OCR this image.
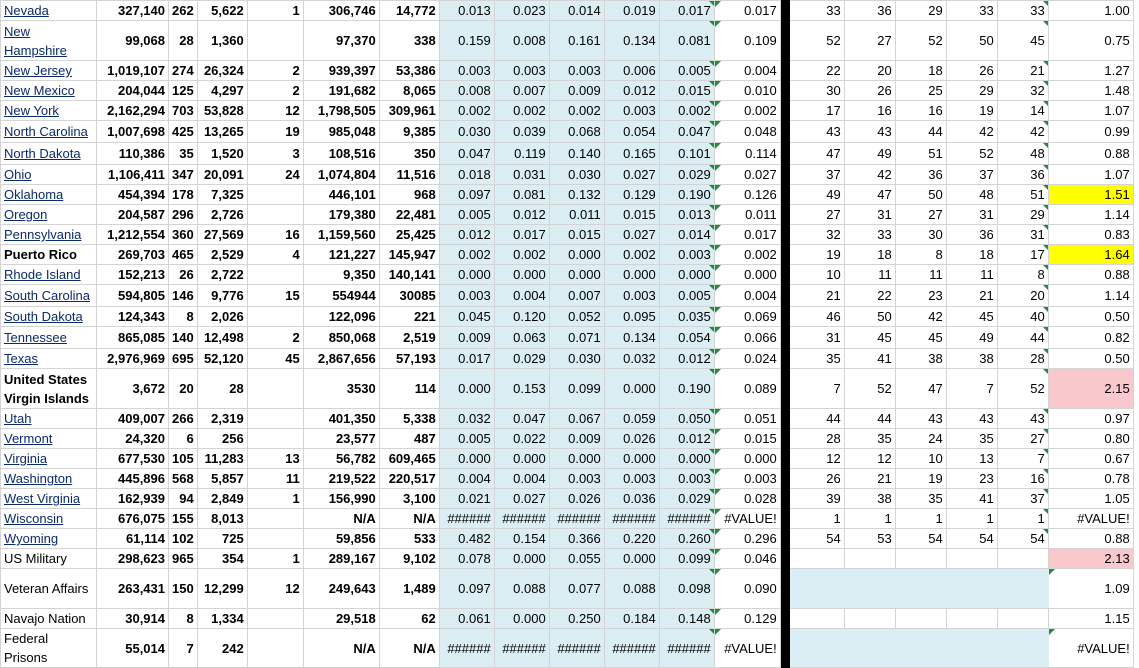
Nevada	327,140	262	5,622	1	306,746	14,772	0.013	0.023	0.014	0.019	0.017	0.017		33	36	29	33	33	1.00
New Hampshire	99,068	28	1,360		97,370	338	0.159	0.008	0.161	0.134	0.081	0.109		52	27	52	50	45	0.75
New Jersey	1,019,107	274	26,324	2	939,397	53,386	0.003	0.003	0.003	0.006	0.005	0.004		22	20	18	26	21	1.27
New Mexico	204,044	125	4,297	2	191,682	8,065	0.008	0.007	0.009	0.012	0.015	0.010		30	26	25	29	32	1.48
New York	2,162,294	703	53,828	12	1,798,505	309,961	0.002	0.002	0.002	0.003	0.002	0.002		17	16	16	19	14	1.07
North Carolina	1,007,698	425	13,265	19	985,048	9,385	0.030	0.039	0.068	0.054	0.047	0.048		43	43	44	42	42	0.99
North Dakota	110,386	35	1,520	3	108,516	350	0.047	0.119	0.140	0.165	0.101	0.114		47	49	51	52	48	0.88
Ohio	1,106,411	347	20,091	24	1,074,804	11,516	0.018	0.031	0.030	0.027	0.029	0.027		37	42	36	37	36	1.07
Oklahoma	454,394	178	7,325		446,101	968	0.097	0.081	0.132	0.129	0.190	0.126		49	47	50	48	51	1.51
Oregon	204,587	296	2,726		179,380	22,481	0.005	0.012	0.011	0.015	0.013	0.011		27	31	27	31	29	1.14
Pennsylvania	1,212,554	360	27,569	16	1,159,560	25,425	0.012	0.017	0.015	0.027	0.014	0.017		32	33	30	36	31	0.83
Puerto Rico	269,703	465	2,529	4	121,227	145,947	0.002	0.002	0.000	0.002	0.003	0.002		19	18	8	18	17	1.64
Rhode Island	152,213	26	2,722		9,350	140,141	0.000	0.000	0.000	0.000	0.000	0.000		10	11	11	11	8	0.88
South Carolina	594,805	146	9,776	15	554944	30085	0.003	0.004	0.007	0.003	0.005	0.004		21	22	23	21	20	1.14
South Dakota	124,343	8	2,026		122,096	221	0.045	0.120	0.052	0.095	0.035	0.069		46	50	42	45	40	0.50
Tennessee	865,085	140	12,498	2	850,068	2,519	0.009	0.063	0.071	0.134	0.054	0.066		31	45	45	49	44	0.82
Texas	2,976,969	695	52,120	45	2,867,656	57,193	0.017	0.029	0.030	0.032	0.012	0.024		35	41	38	38	28	0.50
United States Virgin Islands	3,672	20	28		3530	114	0.000	0.153	0.099	0.000	0.190	0.089		7	52	47	7	52	2.15
Utah	409,007	266	2,319		401,350	5,338	0.032	0.047	0.067	0.059	0.050	0.051		44	44	43	43	43	0.97
Vermont	24,320	6	256		23,577	487	0.005	0.022	0.009	0.026	0.012	0.015		28	35	24	35	27	0.80
Virginia	677,530	105	11,283	13	56,782	609,465	0.000	0.000	0.000	0.000	0.000	0.000		12	12	10	13	7	0.67
Washington	445,896	568	5,857	11	219,522	220,517	0.004	0.004	0.003	0.003	0.003	0.003		26	21	19	23	16	0.78
West Virginia	162,939	94	2,849	1	156,990	3,100	0.021	0.027	0.026	0.036	0.029	0.028		39	38	35	41	37	1.05
Wisconsin	676,075	155	8,013		N/A	N/A	######	######	######	######	######	#VALUE!		1	1	1	1	1	#VALUE!
Wyoming	61,114	102	725		59,856	533	0.482	0.154	0.366	0.220	0.260	0.296		54	53	54	54	54	0.88
US Military	298,623	965	354	1	289,167	9,102	0.078	0.000	0.055	0.000	0.099	0.046							2.13
Veteran Affairs	263,431	150	12,299	12	249,643	1,489	0.097	0.088	0.077	0.088	0.098	0.090							1.09
Navajo Nation	30,914	8	1,334		29,518	62	0.061	0.000	0.250	0.184	0.148	0.129							1.15
Federal Prisons	55,014	7	242		N/A	N/A	######	######	######	######	######	#VALUE!							#VALUE!
